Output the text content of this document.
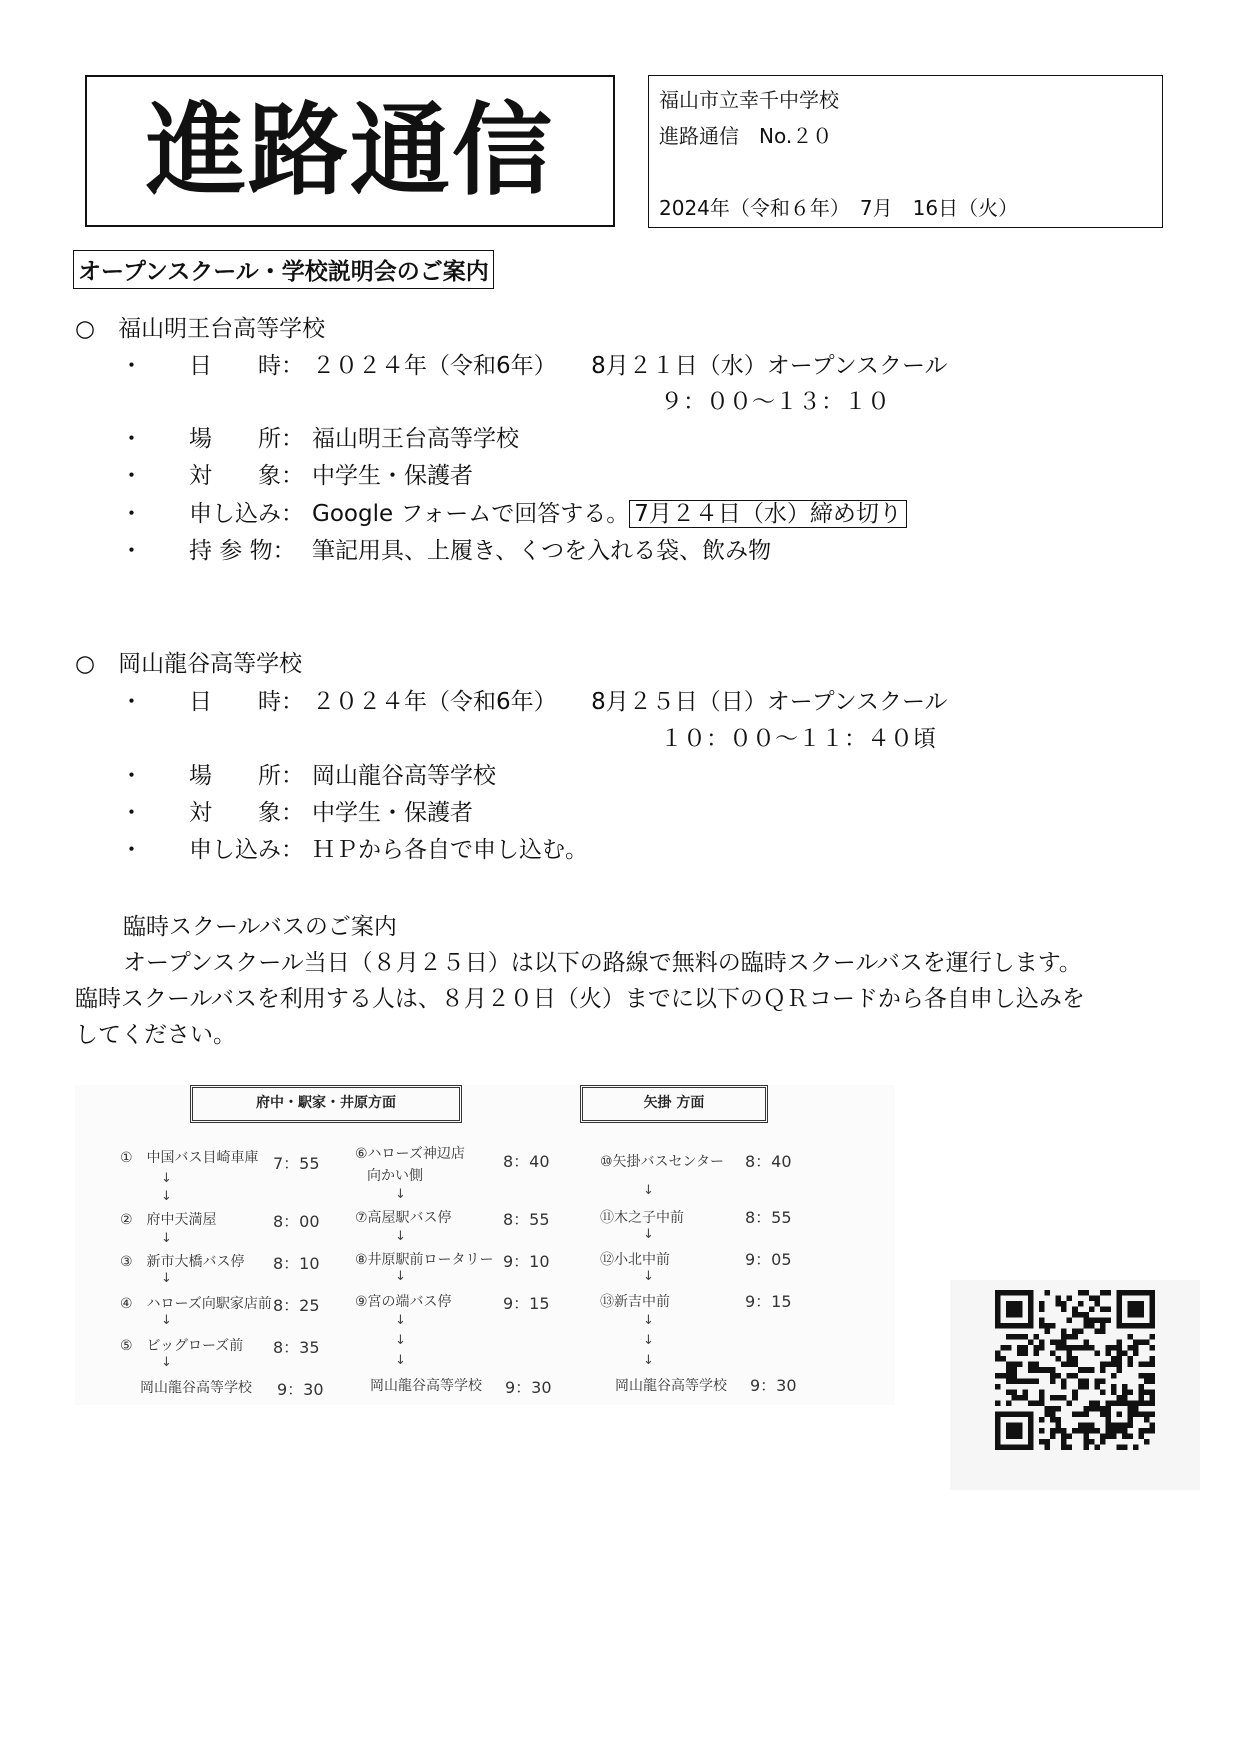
進路通信	福山市立幸千中学校
進路通信　No.２０
2024年（令和６年）　7月　16日（火）
オープンスクール・学校説明会のご案内
○　福山明王台高等学校
・　　日　　時： ２０２４年（令和6年）　　8月２１日（水）オープンスクール
９：００～１３：１０
・　　場　　所： 福山明王台高等学校
・　　対　　象： 中学生・保護者
・　　申し込み： Google フォームで回答する。 7月２４日（水）締め切り
・　　持 参 物： 筆記用具、上履き、くつを入れる袋、飲み物
○　岡山龍谷高等学校
・　　日　　時： ２０２４年（令和6年）　　8月２５日（日）オープンスクール
１０：００～１１：４０頃
・　　場　　所： 岡山龍谷高等学校
・　　対　　象： 中学生・保護者
・　　申し込み： ＨＰから各自で申し込む。
臨時スクールバスのご案内
オープンスクール当日（８月２５日）は以下の路線で無料の臨時スクールバスを運行します。
臨時スクールバスを利用する人は、８月２０日（火）までに以下のＱＲコードから各自申し込みを
してください。
府中・駅家・井原方面	矢掛 方面
①　中国バス目崎車庫 7：55
↓
↓
②　府中天満屋	8：00
↓
③　新市大橋バス停 8：10
↓
④　ハローズ向駅家店前 8：25
↓
⑤　ビッグローズ前 8：35
↓
岡山龍谷高等学校 9：30
⑥ハローズ神辺店
向かい側
8：40
↓
⑦高屋駅バス停	8：55
↓
⑧井原駅前ロータリー 9：10
↓
⑨宮の端バス停	9：15
↓
↓
↓
岡山龍谷高等学校 9：30
⑩矢掛バスセンター 8：40
↓
⑪木之子中前	8：55
↓
⑫小北中前	9：05
↓
⑬新吉中前	9：15
↓
↓
↓
岡山龍谷高等学校 9：30
